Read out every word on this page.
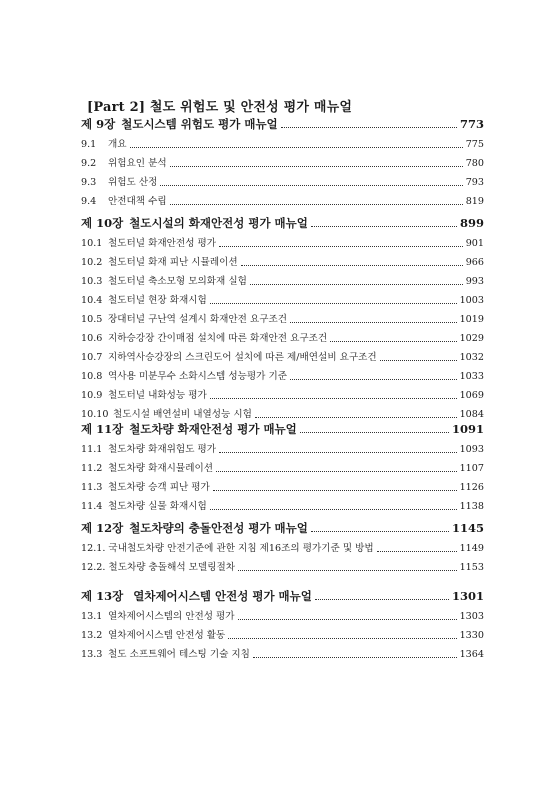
[Part 2] 철도 위험도 및 안전성 평가 매뉴얼
제 9장 철도시스템 위험도 평가 매뉴얼	773
9.1	개요	775
9.2	위험요인 분석	780
9.3	위험도 산정	793
9.4	안전대책 수립	819
제 10장 철도시설의 화재안전성 평가 매뉴얼	899
10.1 철도터널 화재안전성 평가	901
10.2 철도터널 화재 피난 시뮬레이션	966
10.3 철도터널 축소모형 모의화재 실험	993
10.4 철도터널 현장 화재시험	1003
10.5 장대터널 구난역 설계시 화재안전 요구조건	1019
10.6 지하승강장 간이매점 설치에 따른 화재안전 요구조건	1029
10.7 지하역사승강장의 스크린도어 설치에 따른 제/배연설비 요구조건	1032
10.8 역사용 미분무수 소화시스템 성능평가 기준	1033
10.9 철도터널 내화성능 평가	1069
10.10 철도시설 배연설비 내열성능 시험	1084
제 11장 철도차량 화재안전성 평가 매뉴얼	1091
11.1 철도차량 화재위험도 평가	1093
11.2 철도차량 화재시뮬레이션	1107
11.3 철도차량 승객 피난 평가	1126
11.4 철도차량 실물 화재시험	1138
제 12장 철도차량의 충돌안전성 평가 매뉴얼	1145
12.1. 국내철도차량 안전기준에 관한 지침 제16조의 평가기준 및 방법	1149
12.2. 철도차량 충돌해석 모델링절차	1153
제 13장 열차제어시스템 안전성 평가 매뉴얼	1301
13.1 열차제어시스템의 안전성 평가	1303
13.2 열차제어시스템 안전성 활동	1330
13.3 철도 소프트웨어 테스팅 기술 지침	1364
